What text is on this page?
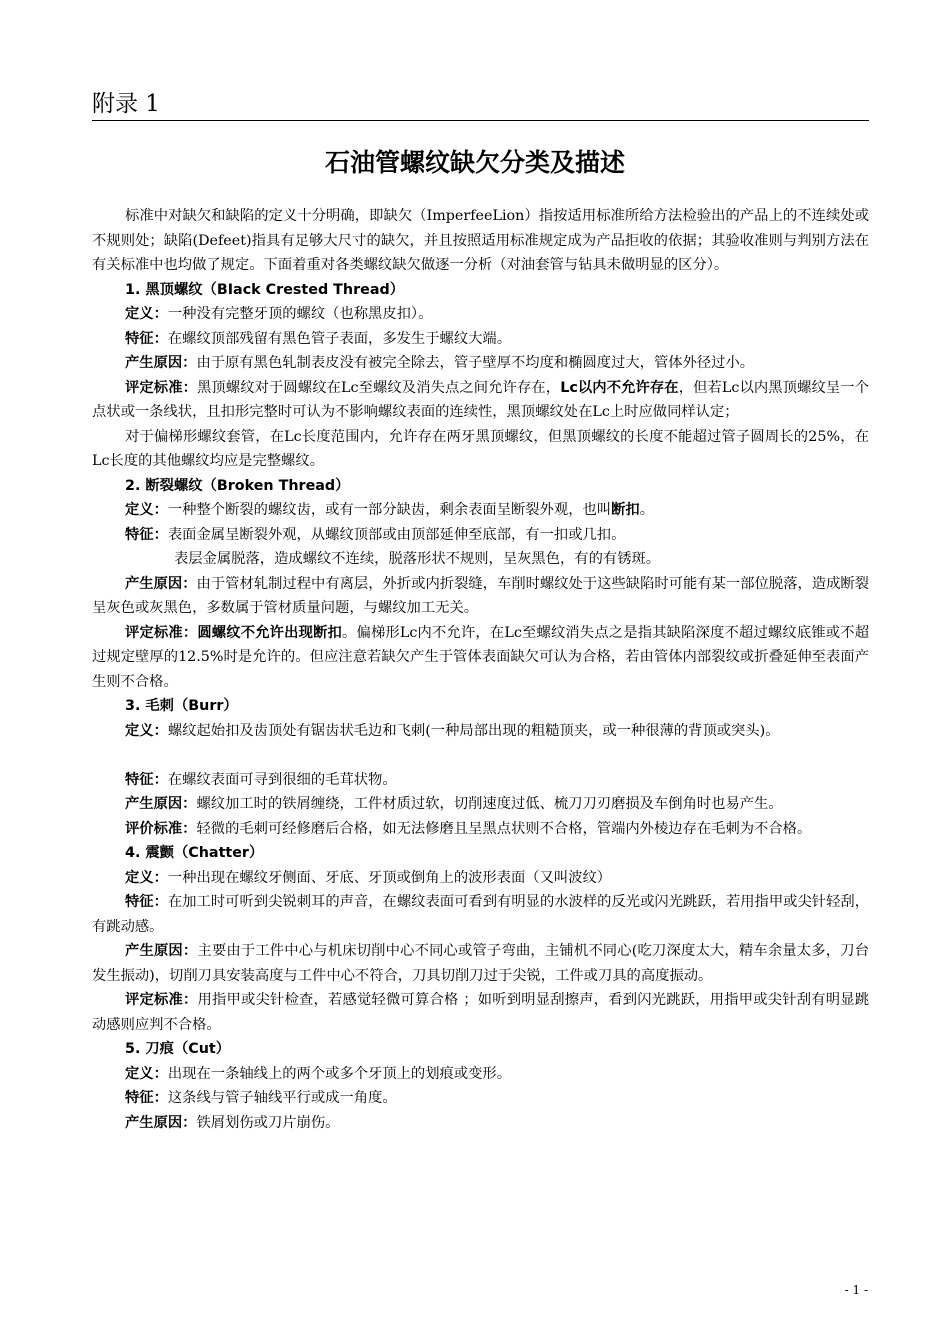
附录 1
石油管螺纹缺欠分类及描述

标准中对缺欠和缺陷的定义十分明确，即缺欠（ImperfeeLion）指按适用标准所给方法检验出的产品上的不连续处或不规则处；缺陷(Defeet)指具有足够大尺寸的缺欠，并且按照适用标准规定成为产品拒收的依据；其验收准则与判别方法在有关标准中也均做了规定。下面着重对各类螺纹缺欠做逐一分析（对油套管与钻具未做明显的区分）。

1. 黑顶螺纹（BIack Crested Thread）

定义：一种没有完整牙顶的螺纹（也称黑皮扣）。

特征：在螺纹顶部残留有黑色管子表面，多发生于螺纹大端。

产生原因：由于原有黑色轧制表皮没有被完全除去，管子壁厚不均度和椭圆度过大，管体外径过小。

评定标准：黑顶螺纹对于圆螺纹在Lc至螺纹及消失点之间允许存在，Lc以内不允许存在，但若Lc以内黑顶螺纹呈一个点状或一条线状，且扣形完整时可认为不影响螺纹表面的连续性，黑顶螺纹处在Lc上时应做同样认定；

对于偏梯形螺纹套管，在Lc长度范围内，允许存在两牙黑顶螺纹，但黑顶螺纹的长度不能超过管子圆周长的25%，在Lc长度的其他螺纹均应是完整螺纹。

2. 断裂螺纹（Broken Thread）

定义：一种整个断裂的螺纹齿，或有一部分缺齿，剩余表面呈断裂外观，也叫断扣。

特征：表面金属呈断裂外观，从螺纹顶部或由顶部延伸至底部，有一扣或几扣。

表层金属脱落，造成螺纹不连续，脱落形状不规则，呈灰黑色，有的有锈斑。

产生原因：由于管材轧制过程中有离层，外折或内折裂缝，车削时螺纹处于这些缺陷时可能有某一部位脱落，造成断裂呈灰色或灰黑色，多数属于管材质量问题，与螺纹加工无关。

评定标准：圆螺纹不允许出现断扣。偏梯形Lc内不允许，在Lc至螺纹消失点之是指其缺陷深度不超过螺纹底锥或不超过规定壁厚的12.5%时是允许的。但应注意若缺欠产生于管体表面缺欠可认为合格，若由管体内部裂纹或折叠延伸至表面产生则不合格。

3. 毛刺（Burr）

定义：螺纹起始扣及齿顶处有锯齿状毛边和飞刺(一种局部出现的粗糙顶夹，或一种很薄的背顶或突头)。

特征：在螺纹表面可寻到很细的毛茸状物。

产生原因：螺纹加工时的铁屑缠绕，工件材质过软，切削速度过低、梳刀刀刃磨损及车倒角时也易产生。

评价标准：轻微的毛刺可经修磨后合格，如无法修磨且呈黑点状则不合格，管端内外棱边存在毛刺为不合格。

4. 震颤（Chatter）

定义：一种出现在螺纹牙侧面、牙底、牙顶或倒角上的波形表面（又叫波纹）

特征：在加工时可听到尖锐刺耳的声音，在螺纹表面可看到有明显的水波样的反光或闪光跳跃，若用指甲或尖针轻刮，有跳动感。

产生原因：主要由于工件中心与机床切削中心不同心或管子弯曲，主铺机不同心(吃刀深度太大，精车余量太多，刀台发生振动)，切削刀具安装高度与工件中心不符合，刀具切削刀过于尖锐，工件或刀具的高度振动。

评定标准：用指甲或尖针检查，若感觉轻微可算合格 ；如听到明显刮擦声，看到闪光跳跃，用指甲或尖针刮有明显跳动感则应判不合格。

5. 刀痕（Cut）

定义：出现在一条轴线上的两个或多个牙顶上的划痕或变形。

特征：这条线与管子轴线平行或成一角度。

产生原因：铁屑划伤或刀片崩伤。

- 1 -
